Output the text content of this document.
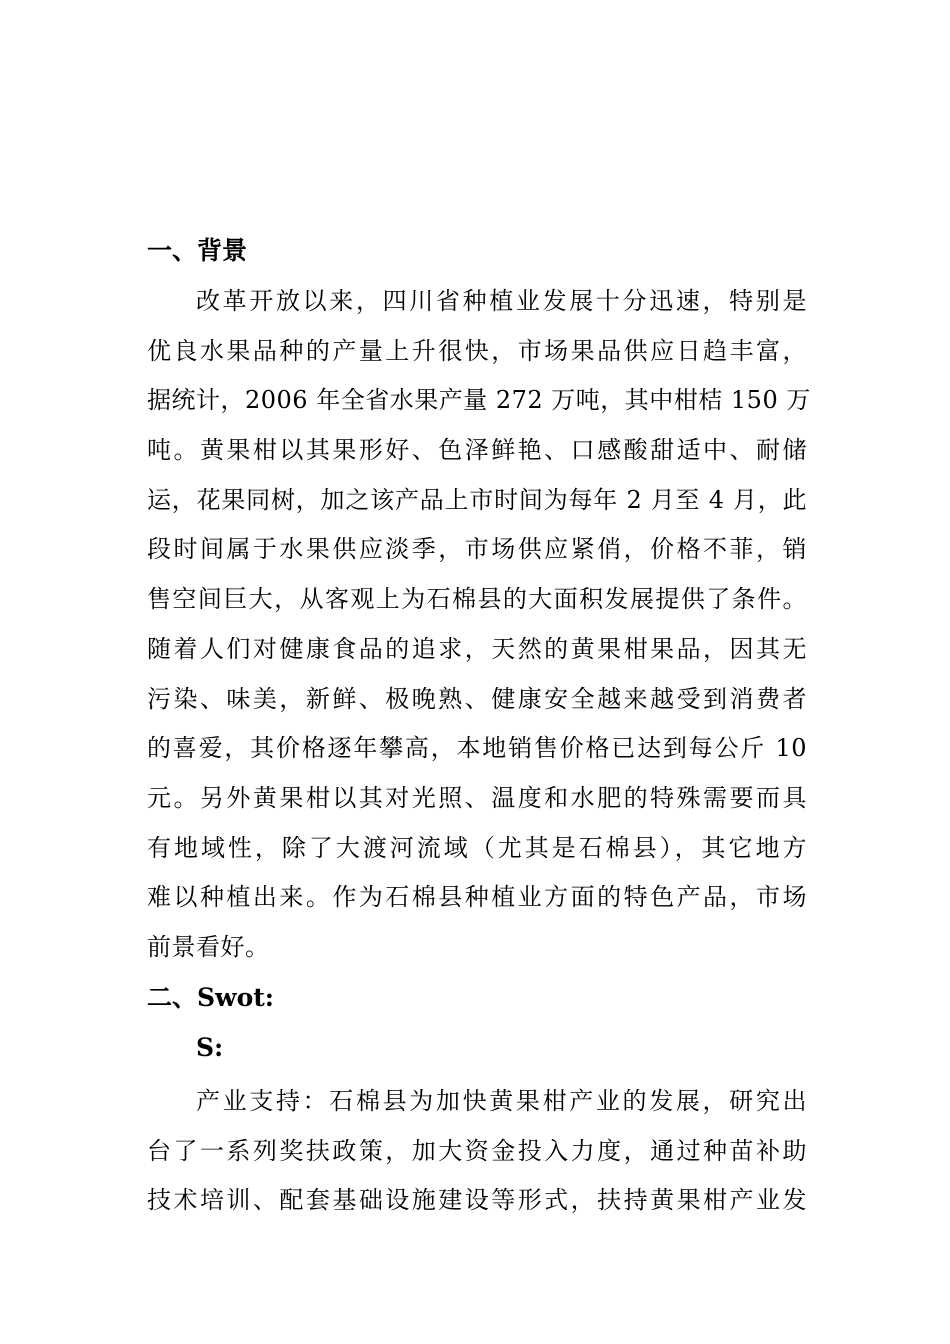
一、背景
改革开放以来，四川省种植业发展十分迅速，特别是
优良水果品种的产量上升很快，市场果品供应日趋丰富，
据统计，2006 年全省水果产量 272 万吨，其中柑桔 150 万
吨。黄果柑以其果形好、色泽鲜艳、口感酸甜适中、耐储
运，花果同树，加之该产品上市时间为每年 2 月至 4 月，此
段时间属于水果供应淡季，市场供应紧俏，价格不菲，销
售空间巨大，从客观上为石棉县的大面积发展提供了条件。
随着人们对健康食品的追求，天然的黄果柑果品，因其无
污染、味美，新鲜、极晚熟、健康安全越来越受到消费者
的喜爱，其价格逐年攀高，本地销售价格已达到每公斤 10
元。另外黄果柑以其对光照、温度和水肥的特殊需要而具
有地域性，除了大渡河流域（尤其是石棉县），其它地方
难以种植出来。作为石棉县种植业方面的特色产品，市场
前景看好。
二、Swot:
S:
产业支持：石棉县为加快黄果柑产业的发展，研究出
台了一系列奖扶政策，加大资金投入力度，通过种苗补助
技术培训、配套基础设施建设等形式，扶持黄果柑产业发
